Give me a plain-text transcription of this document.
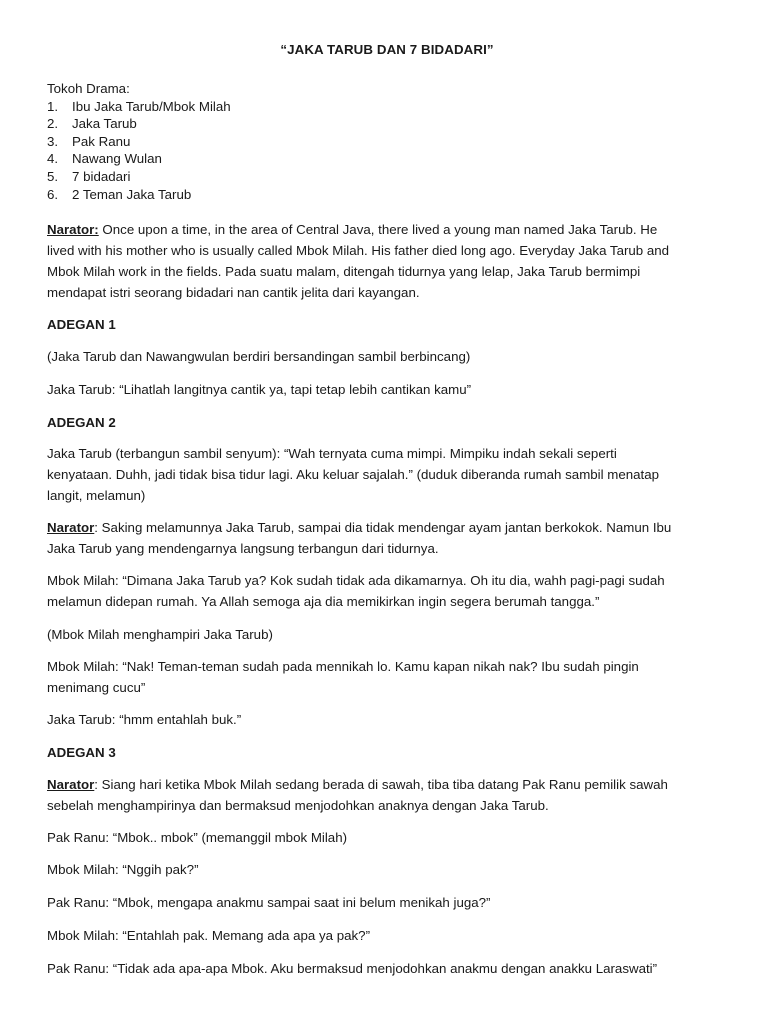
“JAKA TARUB DAN 7 BIDADARI”
Tokoh Drama:
1.	Ibu Jaka Tarub/Mbok Milah
2.	Jaka Tarub
3.	Pak Ranu
4.	Nawang Wulan
5.	7 bidadari
6.	2 Teman Jaka Tarub
Narator: Once upon a time, in the area of Central Java, there lived a young man named Jaka Tarub. He
lived with his mother who is usually called Mbok Milah. His father died long ago. Everyday Jaka Tarub and
Mbok Milah work in the fields. Pada suatu malam, ditengah tidurnya yang lelap, Jaka Tarub bermimpi
mendapat istri seorang bidadari nan cantik jelita dari kayangan.
ADEGAN 1
(Jaka Tarub dan Nawangwulan berdiri bersandingan sambil berbincang)
Jaka Tarub: “Lihatlah langitnya cantik ya, tapi tetap lebih cantikan kamu”
ADEGAN 2
Jaka Tarub (terbangun sambil senyum): “Wah ternyata cuma mimpi. Mimpiku indah sekali seperti
kenyataan. Duhh, jadi tidak bisa tidur lagi. Aku keluar sajalah.” (duduk diberanda rumah sambil menatap
langit, melamun)
Narator: Saking melamunnya Jaka Tarub, sampai dia tidak mendengar ayam jantan berkokok. Namun Ibu
Jaka Tarub yang mendengarnya langsung terbangun dari tidurnya.
Mbok Milah: “Dimana Jaka Tarub ya? Kok sudah tidak ada dikamarnya. Oh itu dia, wahh pagi-pagi sudah
melamun didepan rumah. Ya Allah semoga aja dia memikirkan ingin segera berumah tangga.”
(Mbok Milah menghampiri Jaka Tarub)
Mbok Milah: “Nak! Teman-teman sudah pada mennikah lo. Kamu kapan nikah nak? Ibu sudah pingin
menimang cucu”
Jaka Tarub: “hmm entahlah buk.”
ADEGAN 3
Narator: Siang hari ketika Mbok Milah sedang berada di sawah, tiba tiba datang Pak Ranu pemilik sawah
sebelah menghampirinya dan bermaksud menjodohkan anaknya dengan Jaka Tarub.
Pak Ranu: “Mbok.. mbok” (memanggil mbok Milah)
Mbok Milah: “Nggih pak?”
Pak Ranu: “Mbok, mengapa anakmu sampai saat ini belum menikah juga?”
Mbok Milah: “Entahlah pak. Memang ada apa ya pak?”
Pak Ranu: “Tidak ada apa-apa Mbok. Aku bermaksud menjodohkan anakmu dengan anakku Laraswati”
